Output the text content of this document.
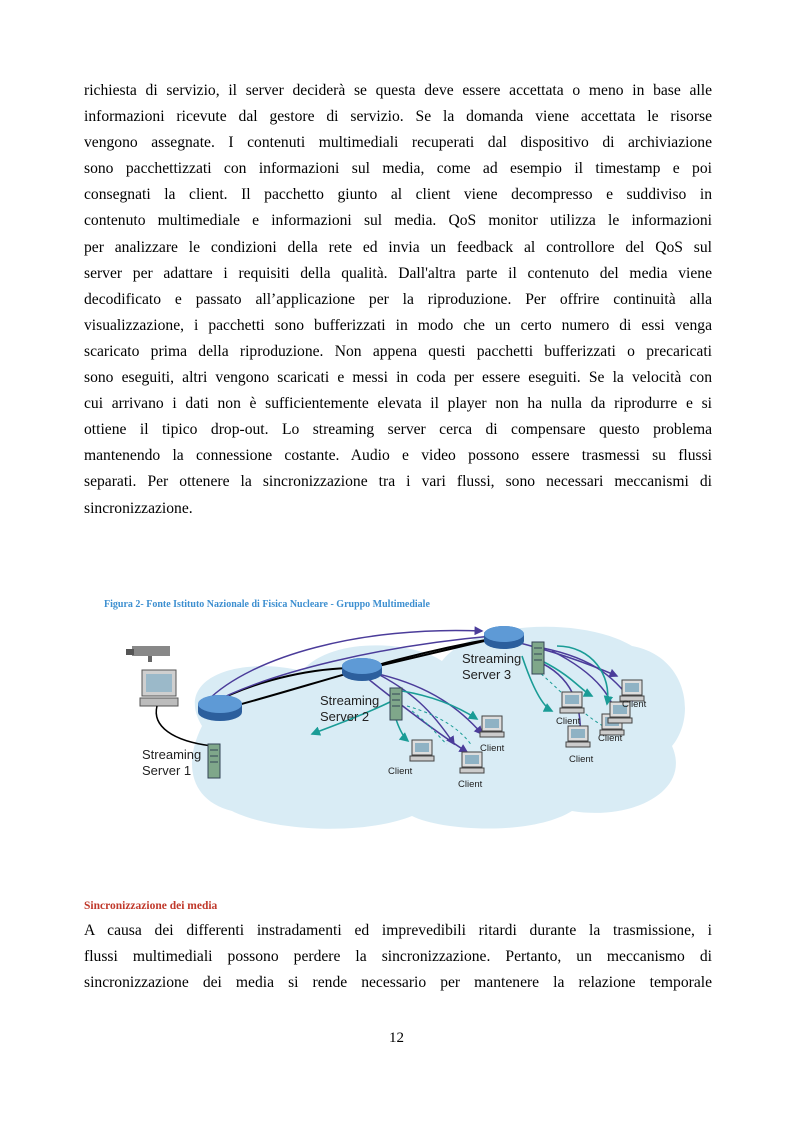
richiesta di servizio, il server deciderà se questa deve essere accettata o meno in base alle
informazioni ricevute dal gestore di servizio. Se la domanda viene accettata le risorse
vengono assegnate. I contenuti multimediali recuperati dal dispositivo di archiviazione
sono pacchettizzati con informazioni sul media, come ad esempio il timestamp e poi
consegnati la client. Il pacchetto giunto al client viene decompresso e suddiviso in
contenuto multimediale e informazioni sul media. QoS monitor utilizza le informazioni
per analizzare le condizioni della rete ed invia un feedback al controllore del QoS sul
server per adattare i requisiti della qualità. Dall'altra parte il contenuto del media viene
decodificato e passato all’applicazione per la riproduzione. Per offrire continuità alla
visualizzazione, i pacchetti sono bufferizzati in modo che un certo numero di essi venga
scaricato prima della riproduzione. Non appena questi pacchetti bufferizzati o precaricati
sono eseguiti, altri vengono scaricati e messi in coda per essere eseguiti. Se la velocità con
cui arrivano i dati non è sufficientemente elevata il player non ha nulla da riprodurre e si
ottiene il tipico drop-out. Lo streaming server cerca di compensare questo problema
mantenendo la connessione costante. Audio e video possono essere trasmessi su flussi
separati. Per ottenere la sincronizzazione tra i vari flussi, sono necessari meccanismi di
sincronizzazione.
Figura 2- Fonte Istituto Nazionale di Fisica Nucleare - Gruppo Multimediale
Streaming
Server 1
Streaming
Server 2
Streaming
Server 3
Client
Client
Client
Client
Client
Client
Client
Sincronizzazione dei media
A causa dei differenti instradamenti ed imprevedibili ritardi durante la trasmissione, i
flussi multimediali possono perdere la sincronizzazione. Pertanto, un meccanismo di
sincronizzazione dei media si rende necessario per mantenere la relazione temporale
12
